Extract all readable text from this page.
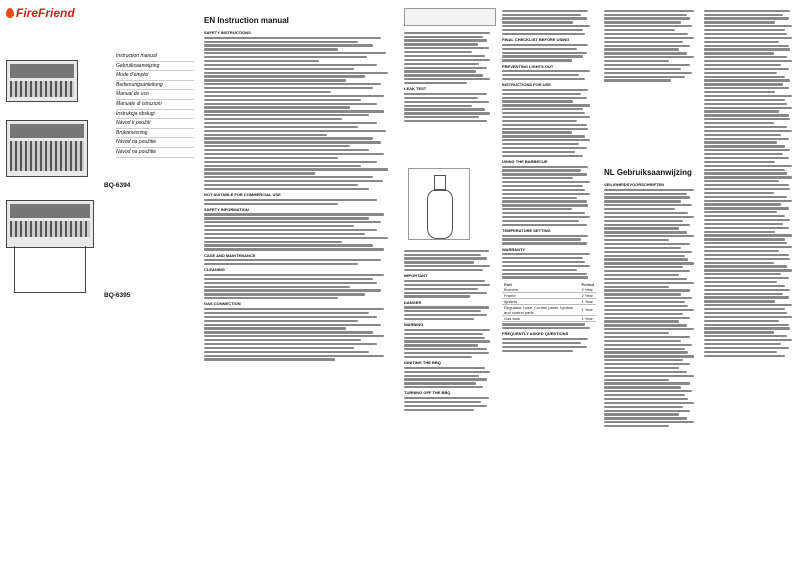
FireFriend
BQ-6394
BQ-6395
Instruction manual
Gebruiksaanwijzing
Mode d'emploi
Bedienungsanleitung
Manual de uso
Manuale di istruzioni
Instrukcja obsługi
Návod k použití
Brukanvisning
Návod na použitie
Návod na použitie
EN Instruction manual
SAFETY INSTRUCTIONS
NOT SUITABLE FOR COMMERCIAL USE
SAFETY INFORMATION
CASE AND MAINTENANCE
CLEANING
GAS CONNECTION
LEAK TEST
IMPORTANT
DANGER
WARNING
IGNITING THE BBQ
TURNING OFF THE BBQ
FINAL CHECKLIST BEFORE USING
PREVENTING LIGHTS OUT
INSTRUCTIONS FOR USE
USING THE BARBECUE
TEMPERATURE SETTING
WARRANTY
Part	Period
Burners	2 Year
Frame	2 Year
Igniters	1 Year
Regulator, hose, Control panel, Ignition and control parts	1 Year
Gas tank	1 Year
FREQUENTLY ASKED QUESTIONS
NL Gebruiksaanwijzing
VEILIGHEIDSVOORSCHRIFTEN
